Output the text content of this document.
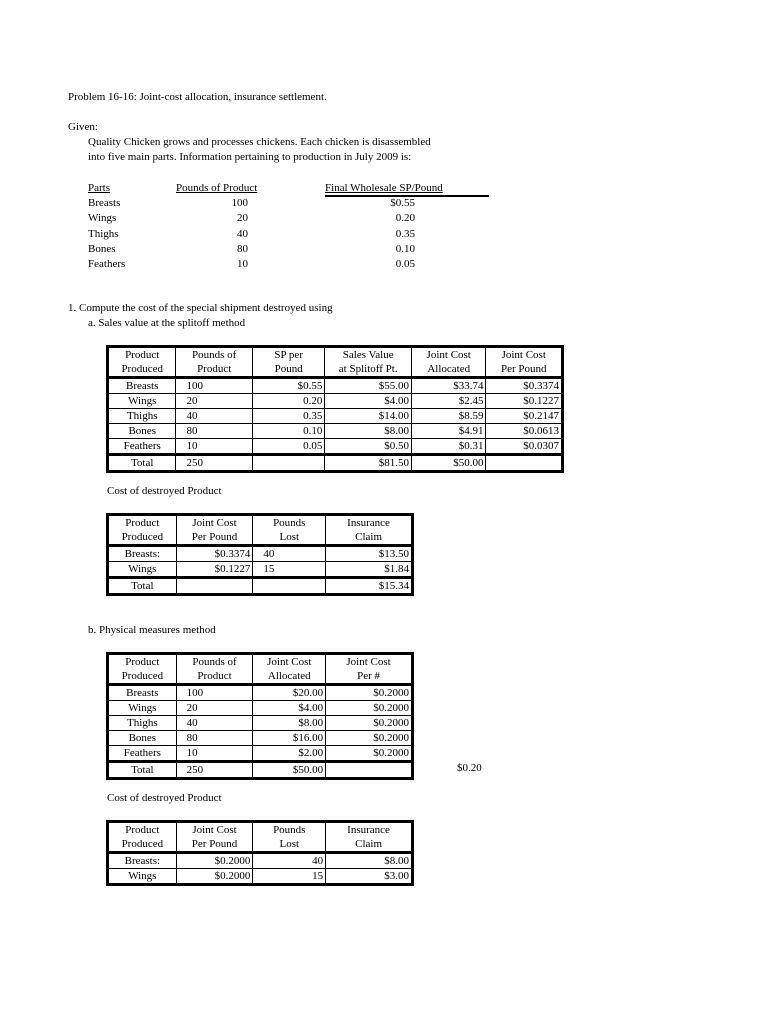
Problem 16-16: Joint-cost allocation, insurance settlement.
Given:
Quality Chicken grows and processes chickens. Each chicken is disassembled
into five main parts. Information pertaining to production in July 2009 is:
Parts	Pounds of Product	Final Wholesale SP/Pound
Breasts	100	$0.55
Wings	20	0.20
Thighs	40	0.35
Bones	80	0.10
Feathers	10	0.05
1. Compute the cost of the special shipment destroyed using
a. Sales value at the splitoff method
Product	Pounds of	SP per	Sales Value	Joint Cost	Joint Cost
Produced	Product	Pound	at Splitoff Pt.	Allocated	Per Pound
Breasts	100	$0.55	$55.00	$33.74	$0.3374
Wings	20	0.20	$4.00	$2.45	$0.1227
Thighs	40	0.35	$14.00	$8.59	$0.2147
Bones	80	0.10	$8.00	$4.91	$0.0613
Feathers	10	0.05	$0.50	$0.31	$0.0307
Total	250		$81.50	$50.00	
Cost of destroyed Product
Product	Joint Cost	Pounds	Insurance
Produced	Per Pound	Lost	Claim
Breasts:	$0.3374	40	$13.50
Wings	$0.1227	15	$1.84
Total			$15.34
b. Physical measures method
Product	Pounds of	Joint Cost	Joint Cost
Produced	Product	Allocated	Per #
Breasts	100	$20.00	$0.2000
Wings	20	$4.00	$0.2000
Thighs	40	$8.00	$0.2000
Bones	80	$16.00	$0.2000
Feathers	10	$2.00	$0.2000
Total	250	$50.00		$0.20
Cost of destroyed Product
Product	Joint Cost	Pounds	Insurance
Produced	Per Pound	Lost	Claim
Breasts:	$0.2000	40	$8.00
Wings	$0.2000	15	$3.00
